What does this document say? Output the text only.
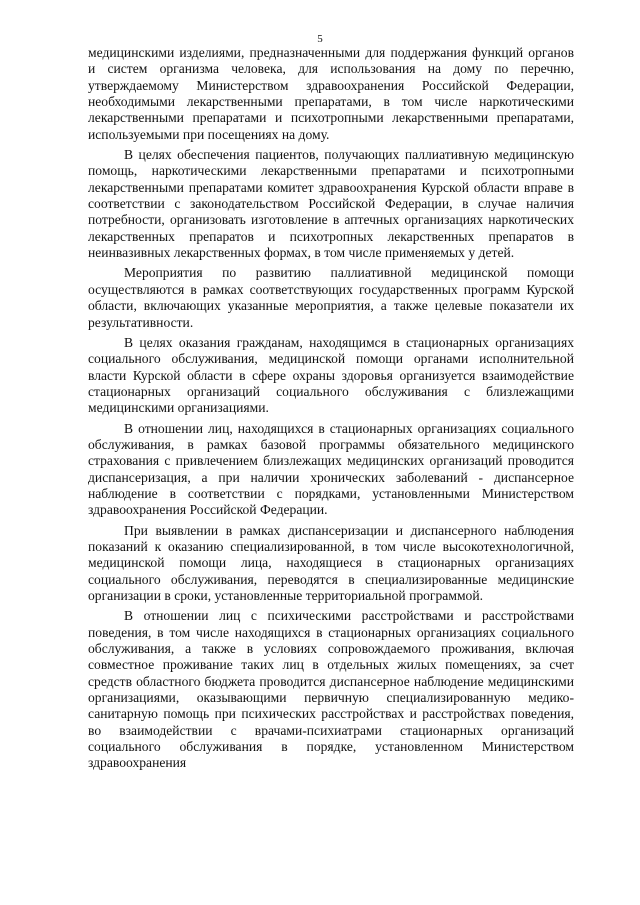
5

медицинскими изделиями, предназначенными для поддержания функций органов и систем организма человека, для использования на дому по перечню, утверждаемому Министерством здравоохранения Российской Федерации, необходимыми лекарственными препаратами, в том числе наркотическими лекарственными препаратами и психотропными лекарственными препаратами, используемыми при посещениях на дому.

В целях обеспечения пациентов, получающих паллиативную медицинскую помощь, наркотическими лекарственными препаратами и психотропными лекарственными препаратами комитет здравоохранения Курской области вправе в соответствии с законодательством Российской Федерации, в случае наличия потребности, организовать изготовление в аптечных организациях наркотических лекарственных препаратов и психотропных лекарственных препаратов в неинвазивных лекарственных формах, в том числе применяемых у детей.

Мероприятия по развитию паллиативной медицинской помощи осуществляются в рамках соответствующих государственных программ Курской области, включающих указанные мероприятия, а также целевые показатели их результативности.

В целях оказания гражданам, находящимся в стационарных организациях социального обслуживания, медицинской помощи органами исполнительной власти Курской области в сфере охраны здоровья организуется взаимодействие стационарных организаций социального обслуживания с близлежащими медицинскими организациями.

В отношении лиц, находящихся в стационарных организациях социального обслуживания, в рамках базовой программы обязательного медицинского страхования с привлечением близлежащих медицинских организаций проводится диспансеризация, а при наличии хронических заболеваний - диспансерное наблюдение в соответствии с порядками, установленными Министерством здравоохранения Российской Федерации.

При выявлении в рамках диспансеризации и диспансерного наблюдения показаний к оказанию специализированной, в том числе высокотехнологичной, медицинской помощи лица, находящиеся в стационарных организациях социального обслуживания, переводятся в специализированные медицинские организации в сроки, установленные территориальной программой.

В отношении лиц с психическими расстройствами и расстройствами поведения, в том числе находящихся в стационарных организациях социального обслуживания, а также в условиях сопровождаемого проживания, включая совместное проживание таких лиц в отдельных жилых помещениях, за счет средств областного бюджета проводится диспансерное наблюдение медицинскими организациями, оказывающими первичную специализированную медико-санитарную помощь при психических расстройствах и расстройствах поведения, во взаимодействии с врачами-психиатрами стационарных организаций социального обслуживания в порядке, установленном Министерством здравоохранения
